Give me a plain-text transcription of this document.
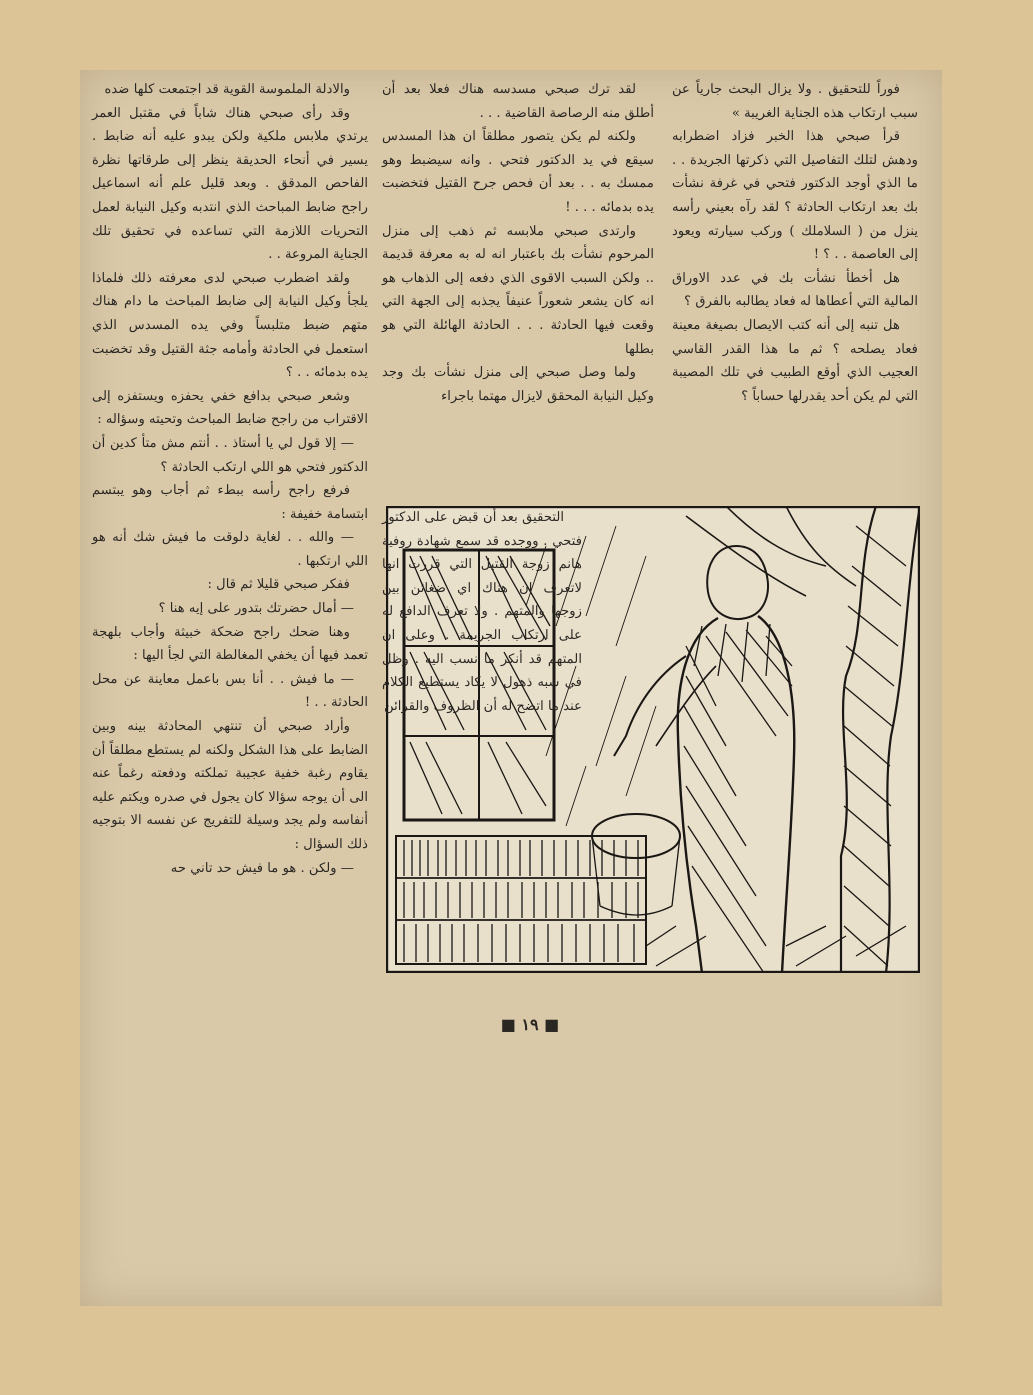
فوراً للتحقيق . ولا يزال البحث جارياً عن سبب ارتكاب هذه الجناية الغريبة »

قرأ صبحي هذا الخبر فزاد اضطرابه ودهش لتلك التفاصيل التي ذكرتها الجريدة . . ما الذي أوجد الدكتور فتحي في غرفة نشأت بك بعد ارتكاب الحادثة ؟ لقد رآه بعيني رأسه ينزل من ( السلاملك ) وركب سيارته ويعود إلى العاصمة . . ؟ !

هل أخطأ نشأت بك في عدد الاوراق المالية التي أعطاها له فعاد يطالبه بالفرق ؟

هل تنبه إلى أنه كتب الايصال بصيغة معينة فعاد يصلحه ؟ ثم ما هذا القدر القاسي العجيب الذي أوقع الطبيب في تلك المصيبة التي لم يكن أحد يقدرلها حساباً ؟

لقد ترك صبحي مسدسه هناك فعلا بعد أن أطلق منه الرصاصة القاضية . . .

ولكنه لم يكن يتصور مطلقاً ان هذا المسدس سيقع في يد الدكتور فتحي . وانه سيضبط وهو ممسك به . . بعد أن فحص جرح القتيل فتخضبت يده بدمائه . . . !

وارتدى صبحي ملابسه ثم ذهب إلى منزل المرحوم نشأت بك باعتبار انه له به معرفة قديمة .. ولكن السبب الاقوى الذي دفعه إلى الذهاب هو انه كان يشعر شعوراً عنيفاً يجذبه إلى الجهة التي وقعت فيها الحادثة . . . الحادثة الهائلة التي هو بطلها

ولما وصل صبحي إلى منزل نشأت بك وجد وكيل النيابة المحقق لايزال مهتما باجراء

والادلة الملموسة القوية قد اجتمعت كلها ضده

وقد رأى صبحي هناك شاباً في مقتبل العمر يرتدي ملابس ملكية ولكن يبدو عليه أنه ضابط . يسير في أنحاء الحديقة ينظر إلى طرقاتها نظرة الفاحص المدقق . وبعد قليل علم أنه اسماعيل راجح ضابط المباحث الذي انتدبه وكيل النيابة لعمل التحريات اللازمة التي تساعده في تحقيق تلك الجناية المروعة . .

ولقد اضطرب صبحي لدى معرفته ذلك فلماذا يلجأ وكيل النيابة إلى ضابط المباحث ما دام هناك متهم ضبط متلبساً وفي يده المسدس الذي استعمل في الحادثة وأمامه جثة القتيل وقد تخضبت يده بدمائه . . ؟

وشعر صبحي بدافع خفي يحفزه ويستفزه إلى الاقتراب من راجح ضابط المباحث وتحيته وسؤاله :

— إلا قول لي يا أستاذ . . أنتم مش متأ كدين أن الدكتور فتحي هو اللي ارتكب الحادثة ؟

فرفع راجح رأسه ببطء ثم أجاب وهو يبتسم ابتسامة خفيفة :

— والله . . لغاية دلوقت ما فيش شك أنه هو اللي ارتكبها .

ففكر صبحي قليلا ثم قال :

— أمال حضرتك بتدور على إيه هنا ؟

وهنا ضحك راجح ضحكة خبيثة وأجاب بلهجة تعمد فيها أن يخفي المغالطة التي لجأ اليها :

— ما فيش . . أنا بس باعمل معاينة عن محل الحادثة . . !

وأراد صبحي أن تنتهي المحادثة بينه وبين الضابط على هذا الشكل ولكنه لم يستطع مطلقاً أن يقاوم رغبة خفية عجيبة تملكته ودفعته رغماً عنه الى أن يوجه سؤالا كان يجول في صدره ويكتم عليه أنفاسه ولم يجد وسيلة للتفريج عن نفسه الا بتوجيه ذلك السؤال :

— ولكن . هو ما فيش حد تاني حه

التحقيق بعد أن قبض على الدكتور فتحي . ووجده قد سمع شهادة روفية هانم زوجة القتيل التي قررت انها لاتعرف ان هناك اي ضغائن بين زوجها والمتهم . ولا تعرف الدافع له على ارتكاب الجريمة . وعلى ان المتهم قد أنكر ما نسب اليه . وظل في شبه ذهول لا يكاد يستطيع الكلام عند ما اتضح له أن الظروف والقرائن

■ ١٩ ■
